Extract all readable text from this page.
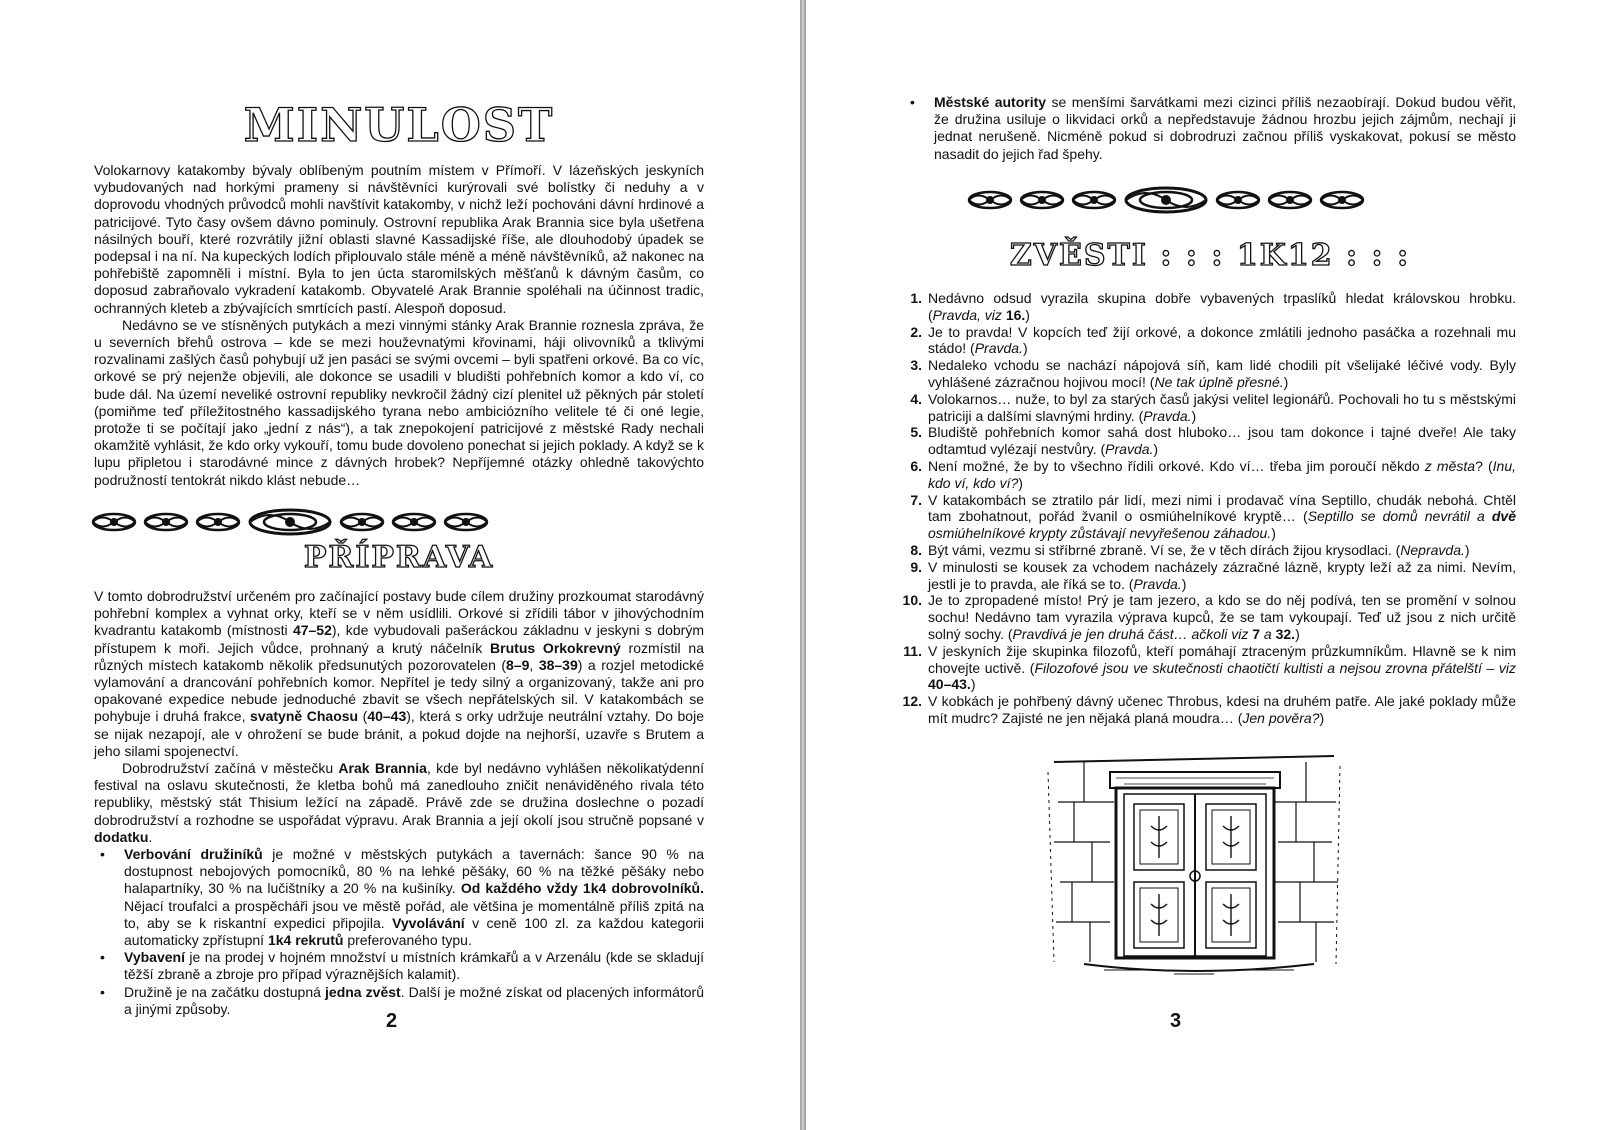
MINULOST

Volokarnovy katakomby bývaly oblíbeným poutním místem v Přímoří. V lázeňských jeskyních vybudovaných nad horkými prameny si návštěvníci kurýrovali své bolístky či neduhy a v doprovodu vhodných průvodců mohli navštívit katakomby, v nichž leží pochováni dávní hrdinové a patricijové. Tyto časy ovšem dávno pominuly. Ostrovní republika Arak Brannia sice byla ušetřena násilných bouří, které rozvrátily jižní oblasti slavné Kassadijské říše, ale dlouhodobý úpadek se podepsal i na ní. Na kupeckých lodích připlouvalo stále méně a méně návštěvníků, až nakonec na pohřebiště zapomněli i místní. Byla to jen úcta staromilských měšťanů k dávným časům, co doposud zabraňovalo vykradení katakomb. Obyvatelé Arak Brannie spoléhali na účinnost tradic, ochranných kleteb a zbývajících smrtících pastí. Alespoň doposud.

Nedávno se ve stísněných putykách a mezi vinnými stánky Arak Brannie roznesla zpráva, že u severních břehů ostrova – kde se mezi houževnatými křovinami, háji olivovníků a tklivými rozvalinami zašlých časů pohybují už jen pasáci se svými ovcemi – byli spatřeni orkové. Ba co víc, orkové se prý nejenže objevili, ale dokonce se usadili v bludišti pohřebních komor a kdo ví, co bude dál. Na území neveliké ostrovní republiky nevkročil žádný cizí plenitel už pěkných pár století (pomiňme teď příležitostného kassadijského tyrana nebo ambiciózního velitele té či oné legie, protože ti se počítají jako „jední z nás“), a tak znepokojení patricijové z městské Rady nechali okamžitě vyhlásit, že kdo orky vykouří, tomu bude dovoleno ponechat si jejich poklady. A když se k lupu připletou i starodávné mince z dávných hrobek? Nepříjemné otázky ohledně takovýchto podružností tentokrát nikdo klást nebude…

PŘÍPRAVA

V tomto dobrodružství určeném pro začínající postavy bude cílem družiny prozkoumat starodávný pohřební komplex a vyhnat orky, kteří se v něm usídlili. Orkové si zřídili tábor v jihovýchodním kvadrantu katakomb (místnosti 47–52), kde vybudovali pašeráckou základnu v jeskyni s dobrým přístupem k moři. Jejich vůdce, prohnaný a krutý náčelník Brutus Orkokrevný rozmístil na různých místech katakomb několik předsunutých pozorovatelen (8–9, 38–39) a rozjel metodické vylamování a drancování pohřebních komor. Nepřítel je tedy silný a organizovaný, takže ani pro opakované expedice nebude jednoduché zbavit se všech nepřátelských sil. V katakombách se pohybuje i druhá frakce, svatyně Chaosu (40–43), která s orky udržuje neutrální vztahy. Do boje se nijak nezapojí, ale v ohrožení se bude bránit, a pokud dojde na nejhorší, uzavře s Brutem a jeho silami spojenectví.

Dobrodružství začíná v městečku Arak Brannia, kde byl nedávno vyhlášen několikatýdenní festival na oslavu skutečnosti, že kletba bohů má zanedlouho zničit nenáviděného rivala této republiky, městský stát Thisium ležící na západě. Právě zde se družina doslechne o pozadí dobrodružství a rozhodne se uspořádat výpravu. Arak Brannia a její okolí jsou stručně popsané v dodatku.

• Verbování družiníků je možné v městských putykách a tavernách: šance 90 % na dostupnost nebojových pomocníků, 80 % na lehké pěšáky, 60 % na těžké pěšáky nebo halapartníky, 30 % na lučištníky a 20 % na kušiníky. Od každého vždy 1k4 dobrovolníků. Nějací troufalci a prospěcháři jsou ve městě pořád, ale většina je momentálně příliš zpitá na to, aby se k riskantní expedici připojila. Vyvolávání v ceně 100 zl. za každou kategorii automaticky zpřístupní 1k4 rekrutů preferovaného typu.
• Vybavení je na prodej v hojném množství u místních krámkařů a v Arzenálu (kde se skladují těžší zbraně a zbroje pro případ výraznějších kalamit).
• Družině je na začátku dostupná jedna zvěst. Další je možné získat od placených informátorů a jinými způsoby.
2
• Městské autority se menšími šarvátkami mezi cizinci příliš nezaobírají. Dokud budou věřit, že družina usiluje o likvidaci orků a nepředstavuje žádnou hrozbu jejich zájmům, nechají ji jednat nerušeně. Nicméně pokud si dobrodruzi začnou příliš vyskakovat, pokusí se město nasadit do jejich řad špehy.
ZVĚSTI : : : 1K12 : : :
1. Nedávno odsud vyrazila skupina dobře vybavených trpaslíků hledat královskou hrobku. (Pravda, viz 16.)
2. Je to pravda! V kopcích teď žijí orkové, a dokonce zmlátili jednoho pasáčka a rozehnali mu stádo! (Pravda.)
3. Nedaleko vchodu se nachází nápojová síň, kam lidé chodili pít všelijaké léčivé vody. Byly vyhlášené zázračnou hojivou mocí! (Ne tak úplně přesné.)
4. Volokarnos… nuže, to byl za starých časů jakýsi velitel legionářů. Pochovali ho tu s městskými patriciji a dalšími slavnými hrdiny. (Pravda.)
5. Bludiště pohřebních komor sahá dost hluboko… jsou tam dokonce i tajné dveře! Ale taky odtamtud vylézají nestvůry. (Pravda.)
6. Není možné, že by to všechno řídili orkové. Kdo ví… třeba jim poroučí někdo z města? (Inu, kdo ví, kdo ví?)
7. V katakombách se ztratilo pár lidí, mezi nimi i prodavač vína Septillo, chudák nebohá. Chtěl tam zbohatnout, pořád žvanil o osmiúhelníkové kryptě… (Septillo se domů nevrátil a dvě osmiúhelníkové krypty zůstávají nevyřešenou záhadou.)
8. Být vámi, vezmu si stříbrné zbraně. Ví se, že v těch dírách žijou krysodlaci. (Nepravda.)
9. V minulosti se kousek za vchodem nacházely zázračné lázně, krypty leží až za nimi. Nevím, jestli je to pravda, ale říká se to. (Pravda.)
10. Je to zpropadené místo! Prý je tam jezero, a kdo se do něj podívá, ten se promění v solnou sochu! Nedávno tam vyrazila výprava kupců, že se tam vykoupají. Teď už jsou z nich určitě solný sochy. (Pravdivá je jen druhá část… ačkoli viz 7 a 32.)
11. V jeskyních žije skupinka filozofů, kteří pomáhají ztraceným průzkumníkům. Hlavně se k nim chovejte uctivě. (Filozofové jsou ve skutečnosti chaotičtí kultisti a nejsou zrovna přátelští – viz 40–43.)
12. V kobkách je pohřbený dávný učenec Throbus, kdesi na druhém patře. Ale jaké poklady může mít mudrc? Zajisté ne jen nějaká planá moudra… (Jen pověra?)
3
